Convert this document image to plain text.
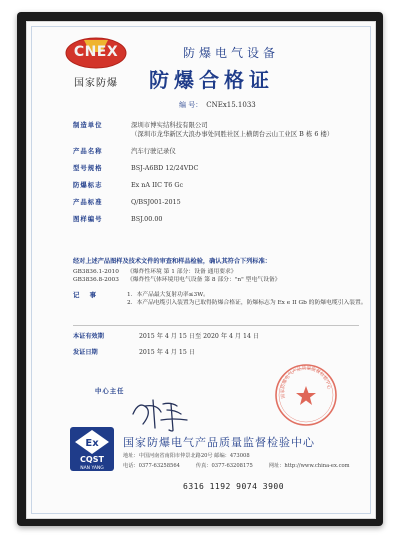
CNEX
国家防爆
防爆电气设备
防爆合格证
编 号： CNEx15.1033
制造单位	深圳市博实结科技有限公司
（深圳市龙华新区大浪办事处同胜社区上横朗台云山工业区 B 栋 6 楼）
产品名称	汽车行驶记录仪
型号规格	BSJ-A6BD 12/24VDC
防爆标志	Ex nA IIC T6 Gc
产品标准	Q/BSJ001-2015
图样编号	BSJ.00.00
经对上述产品图样及技术文件的审查和样品检验，确认其符合下列标准：
GB3836.1-2010	《爆炸性环境 第 1 部分：设备 通用要求》
GB3836.8-2003	《爆炸性气体环境用电气设备 第 8 部分："n" 型电气设备》
记 事	1．本产品最大复射功率≤3W。
2．本产品电缆引入装置为已取得防爆合格证，防爆标志为 Ex e II Gb 的防爆电缆引入装置。
本证有效期	2015 年 4 月 15 日至 2020 年 4 月 14 日
发证日期	2015 年 4 月 15 日
中心主任
国家防爆电气产品质量监督检验中心
Ex
CQST
NAN YANG
国家防爆电气产品质量监督检验中心
地址：中国河南省南阳市仲景北路20号 邮编：473008
电话：0377-63258564	传真：0377-63208175	网址：http://www.china-ex.com
6316 1192 9074 3900
